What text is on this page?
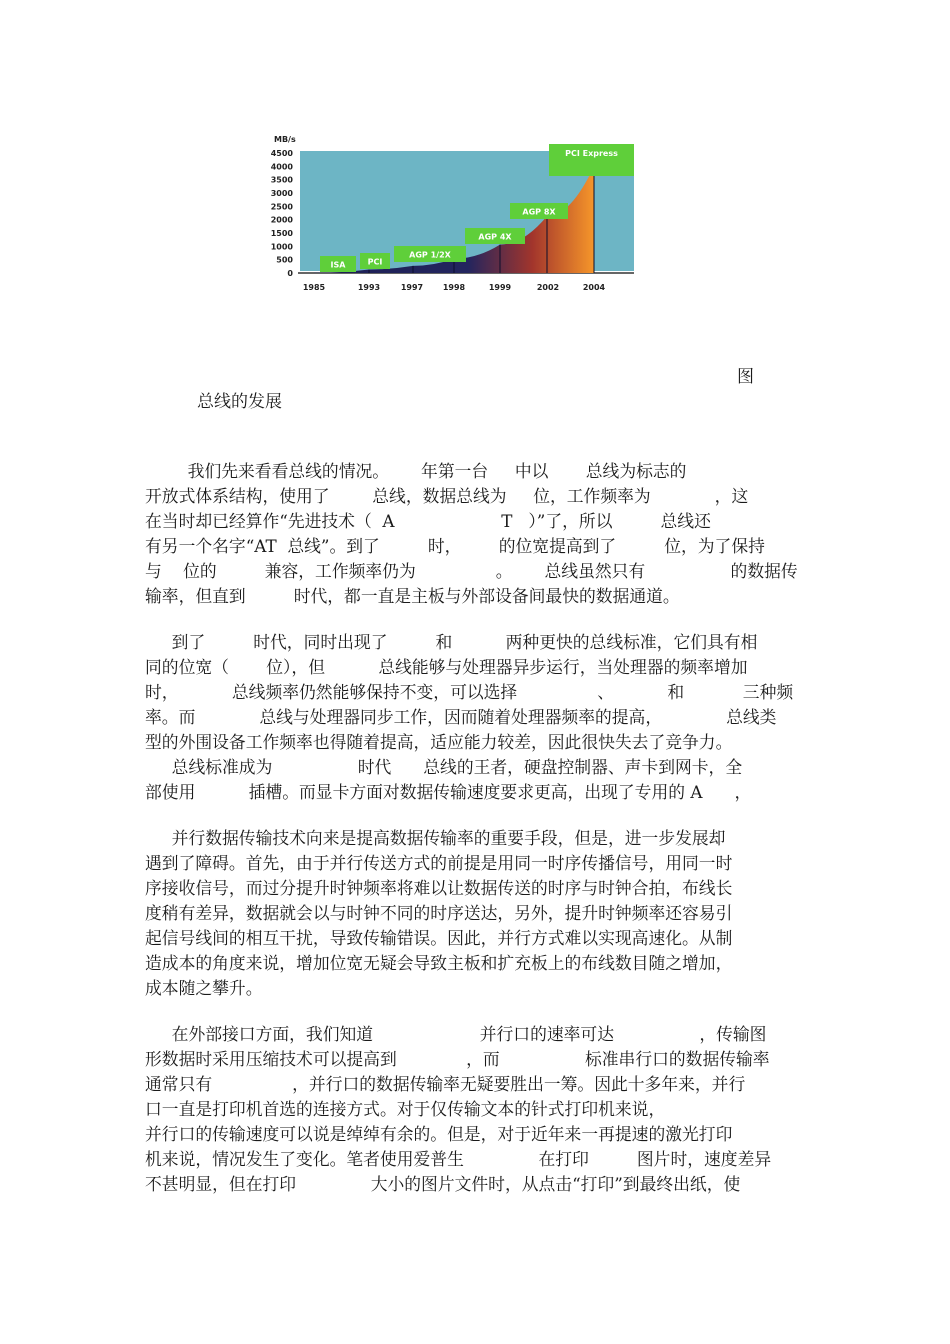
4500
4000
3500
3000
2500
2000
1500
1000
500
0
MB/s
1985	1993	1997 1998	1999	2002	2004
ISA	PCI
AGP 1/2X
AGP 4X
AGP 8X
PCI Express
图
总线的发展

我们先来看看总线的情况。      年第一台     中以       总线为标志的
开放式体系结构，使用了        总线，数据总线为     位，工作频率为            ，这
在当时却已经算作“先进技术（  A                    T   ）”了，所以         总线还
有另一个名字“AT  总线”。到了         时，       的位宽提高到了         位，为了保持
与    位的         兼容，工作频率仍为               。      总线虽然只有                的数据传
输率，但直到         时代，都一直是主板与外部设备间最快的数据通道。

到了         时代，同时出现了         和          两种更快的总线标准，它们具有相
同的位宽（       位），但          总线能够与处理器异步运行，当处理器的频率增加
时，          总线频率仍然能够保持不变，可以选择               、          和           三种频
率。而            总线与处理器同步工作，因而随着处理器频率的提高，            总线类
型的外围设备工作频率也得随着提高，适应能力较差，因此很快失去了竞争力。
总线标准成为                时代      总线的王者，硬盘控制器、声卡到网卡，全
部使用          插槽。而显卡方面对数据传输速度要求更高，出现了专用的 A      ，

并行数据传输技术向来是提高数据传输率的重要手段，但是，进一步发展却
遇到了障碍。首先，由于并行传送方式的前提是用同一时序传播信号，用同一时
序接收信号，而过分提升时钟频率将难以让数据传送的时序与时钟合拍，布线长
度稍有差异，数据就会以与时钟不同的时序送达，另外，提升时钟频率还容易引
起信号线间的相互干扰，导致传输错误。因此，并行方式难以实现高速化。从制
造成本的角度来说，增加位宽无疑会导致主板和扩充板上的布线数目随之增加，
成本随之攀升。

在外部接口方面，我们知道                    并行口的速率可达                ，传输图
形数据时采用压缩技术可以提高到             ，而                标准串行口的数据传输率
通常只有               ，并行口的数据传输率无疑要胜出一筹。因此十多年来，并行
口一直是打印机首选的连接方式。对于仅传输文本的针式打印机来说，
并行口的传输速度可以说是绰绰有余的。但是，对于近年来一再提速的激光打印
机来说，情况发生了变化。笔者使用爱普生              在打印         图片时，速度差异
不甚明显，但在打印              大小的图片文件时，从点击“打印”到最终出纸，使
